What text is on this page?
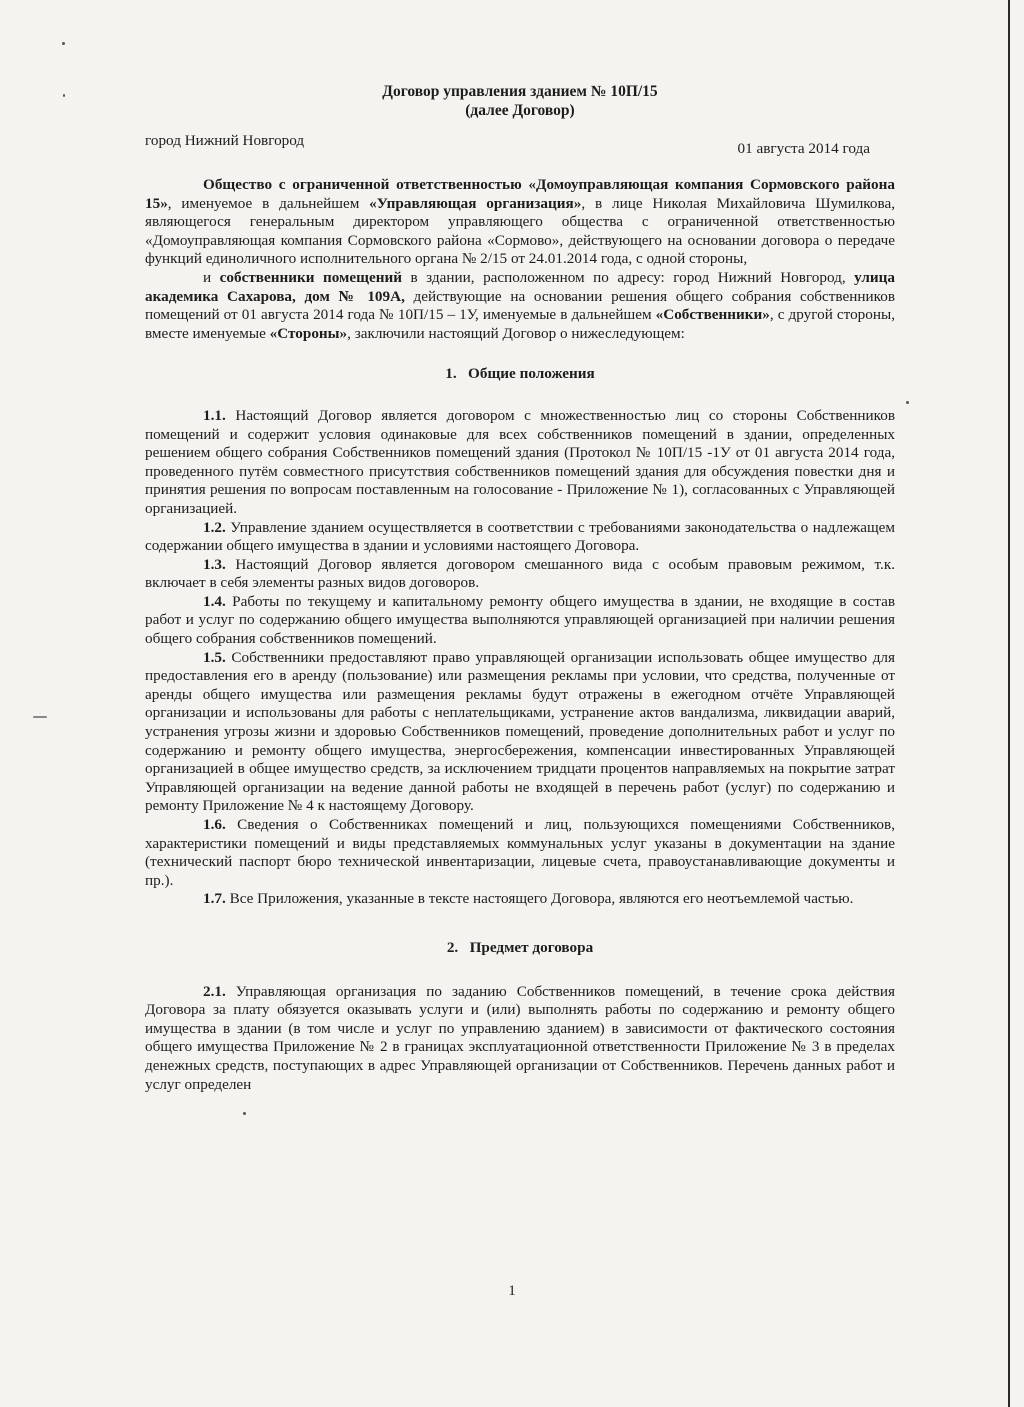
Договор управления зданием № 10П/15
(далее Договор)
город Нижний Новгород	01 августа 2014 года

Общество с ограниченной ответственностью «Домоуправляющая компания Сормовского района 15», именуемое в дальнейшем «Управляющая организация», в лице Николая Михайловича Шумилкова, являющегося генеральным директором управляющего общества с ограниченной ответственностью «Домоуправляющая компания Сормовского района «Сормово», действующего на основании договора о передаче функций единоличного исполнительного органа № 2/15 от 24.01.2014 года, с одной стороны,

и собственники помещений в здании, расположенном по адресу: город Нижний Новгород, улица академика Сахарова, дом № 109А, действующие на основании решения общего собрания собственников помещений от 01 августа 2014 года № 10П/15 – 1У, именуемые в дальнейшем «Собственники», с другой стороны, вместе именуемые «Стороны», заключили настоящий Договор о нижеследующем:

1. Общие положения

1.1. Настоящий Договор является договором с множественностью лиц со стороны Собственников помещений и содержит условия одинаковые для всех собственников помещений в здании, определенных решением общего собрания Собственников помещений здания (Протокол № 10П/15 -1У от 01 августа 2014 года, проведенного путём совместного присутствия собственников помещений здания для обсуждения повестки дня и принятия решения по вопросам поставленным на голосование - Приложение № 1), согласованных с Управляющей организацией.

1.2. Управление зданием осуществляется в соответствии с требованиями законодательства о надлежащем содержании общего имущества в здании и условиями настоящего Договора.

1.3. Настоящий Договор является договором смешанного вида с особым правовым режимом, т.к. включает в себя элементы разных видов договоров.

1.4. Работы по текущему и капитальному ремонту общего имущества в здании, не входящие в состав работ и услуг по содержанию общего имущества выполняются управляющей организацией при наличии решения общего собрания собственников помещений.

1.5. Собственники предоставляют право управляющей организации использовать общее имущество для предоставления его в аренду (пользование) или размещения рекламы при условии, что средства, полученные от аренды общего имущества или размещения рекламы будут отражены в ежегодном отчёте Управляющей организации и использованы для работы с неплательщиками, устранение актов вандализма, ликвидации аварий, устранения угрозы жизни и здоровью Собственников помещений, проведение дополнительных работ и услуг по содержанию и ремонту общего имущества, энергосбережения, компенсации инвестированных Управляющей организацией в общее имущество средств, за исключением тридцати процентов направляемых на покрытие затрат Управляющей организации на ведение данной работы не входящей в перечень работ (услуг) по содержанию и ремонту Приложение № 4 к настоящему Договору.

1.6. Сведения о Собственниках помещений и лиц, пользующихся помещениями Собственников, характеристики помещений и виды представляемых коммунальных услуг указаны в документации на здание (технический паспорт бюро технической инвентаризации, лицевые счета, правоустанавливающие документы и пр.).

1.7. Все Приложения, указанные в тексте настоящего Договора, являются его неотъемлемой частью.

2. Предмет договора

2.1. Управляющая организация по заданию Собственников помещений, в течение срока действия Договора за плату обязуется оказывать услуги и (или) выполнять работы по содержанию и ремонту общего имущества в здании (в том числе и услуг по управлению зданием) в зависимости от фактического состояния общего имущества Приложение № 2 в границах эксплуатационной ответственности Приложение № 3 в пределах денежных средств, поступающих в адрес Управляющей организации от Собственников. Перечень данных работ и услуг определен

1
